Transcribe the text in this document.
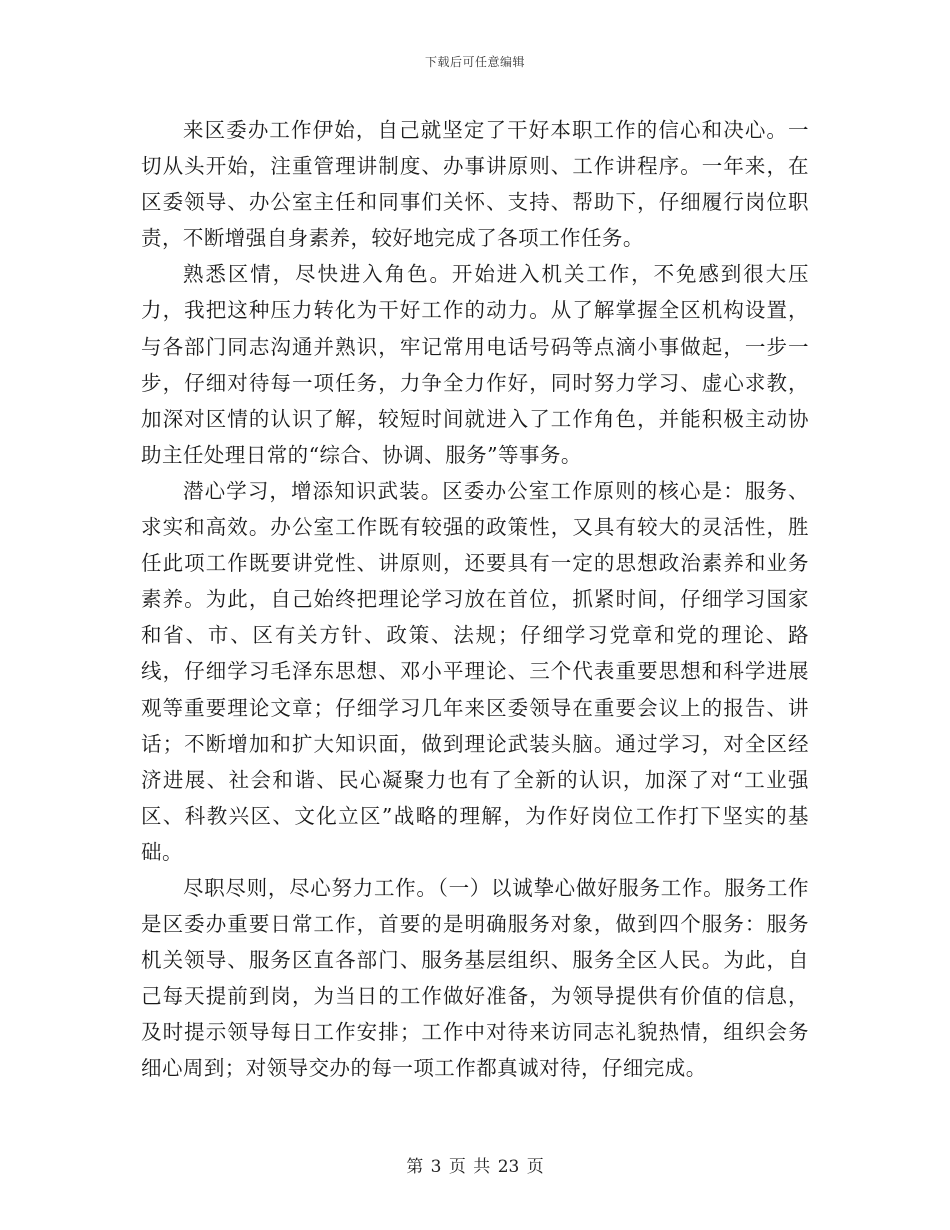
下载后可任意编辑

来区委办工作伊始，自己就坚定了干好本职工作的信心和决心。一切从头开始，注重管理讲制度、办事讲原则、工作讲程序。一年来，在区委领导、办公室主任和同事们关怀、支持、帮助下，仔细履行岗位职责，不断增强自身素养，较好地完成了各项工作任务。

熟悉区情，尽快进入角色。开始进入机关工作，不免感到很大压力，我把这种压力转化为干好工作的动力。从了解掌握全区机构设置，与各部门同志沟通并熟识，牢记常用电话号码等点滴小事做起，一步一步，仔细对待每一项任务，力争全力作好，同时努力学习、虚心求教，加深对区情的认识了解，较短时间就进入了工作角色，并能积极主动协助主任处理日常的“综合、协调、服务”等事务。

潜心学习，增添知识武装。区委办公室工作原则的核心是：服务、求实和高效。办公室工作既有较强的政策性，又具有较大的灵活性，胜任此项工作既要讲党性、讲原则，还要具有一定的思想政治素养和业务素养。为此，自己始终把理论学习放在首位，抓紧时间，仔细学习国家和省、市、区有关方针、政策、法规；仔细学习党章和党的理论、路线，仔细学习毛泽东思想、邓小平理论、三个代表重要思想和科学进展观等重要理论文章；仔细学习几年来区委领导在重要会议上的报告、讲话；不断增加和扩大知识面，做到理论武装头脑。通过学习，对全区经济进展、社会和谐、民心凝聚力也有了全新的认识，加深了对“工业强区、科教兴区、文化立区”战略的理解，为作好岗位工作打下坚实的基础。

尽职尽则，尽心努力工作。（一）以诚挚心做好服务工作。服务工作是区委办重要日常工作，首要的是明确服务对象，做到四个服务：服务机关领导、服务区直各部门、服务基层组织、服务全区人民。为此，自己每天提前到岗，为当日的工作做好准备，为领导提供有价值的信息，及时提示领导每日工作安排；工作中对待来访同志礼貌热情，组织会务细心周到；对领导交办的每一项工作都真诚对待，仔细完成。

第 3 页 共 23 页
